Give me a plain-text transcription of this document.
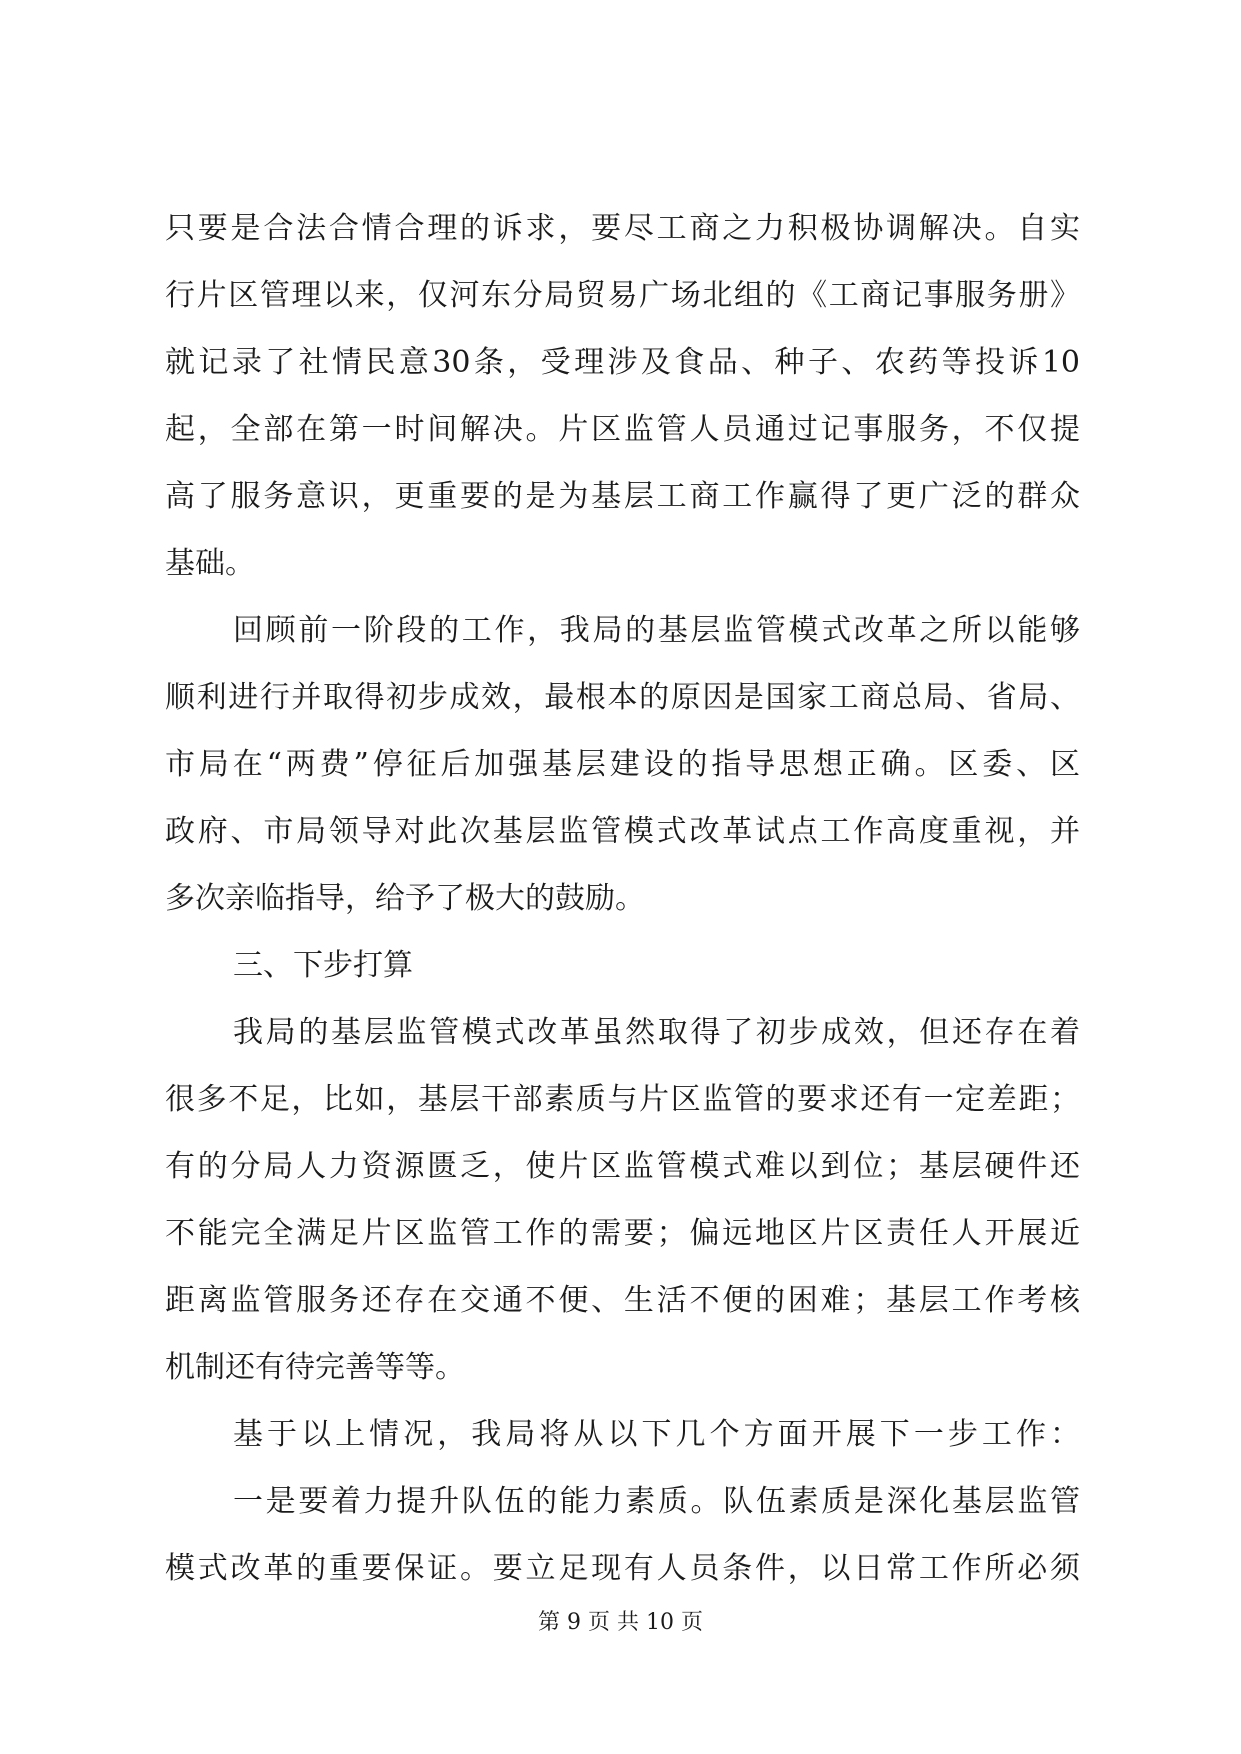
只要是合法合情合理的诉求，要尽工商之力积极协调解决。自实
行片区管理以来，仅河东分局贸易广场北组的《工商记事服务册》
就记录了社情民意30条，受理涉及食品、种子、农药等投诉10
起，全部在第一时间解决。片区监管人员通过记事服务，不仅提
高了服务意识，更重要的是为基层工商工作赢得了更广泛的群众
基础。
回顾前一阶段的工作，我局的基层监管模式改革之所以能够
顺利进行并取得初步成效，最根本的原因是国家工商总局、省局、
市局在“两费”停征后加强基层建设的指导思想正确。区委、区
政府、市局领导对此次基层监管模式改革试点工作高度重视，并
多次亲临指导，给予了极大的鼓励。
三、下步打算
我局的基层监管模式改革虽然取得了初步成效，但还存在着
很多不足，比如，基层干部素质与片区监管的要求还有一定差距；
有的分局人力资源匮乏，使片区监管模式难以到位；基层硬件还
不能完全满足片区监管工作的需要；偏远地区片区责任人开展近
距离监管服务还存在交通不便、生活不便的困难；基层工作考核
机制还有待完善等等。
基于以上情况，我局将从以下几个方面开展下一步工作：
一是要着力提升队伍的能力素质。队伍素质是深化基层监管
模式改革的重要保证。要立足现有人员条件，以日常工作所必须
第 9 页 共 10 页
